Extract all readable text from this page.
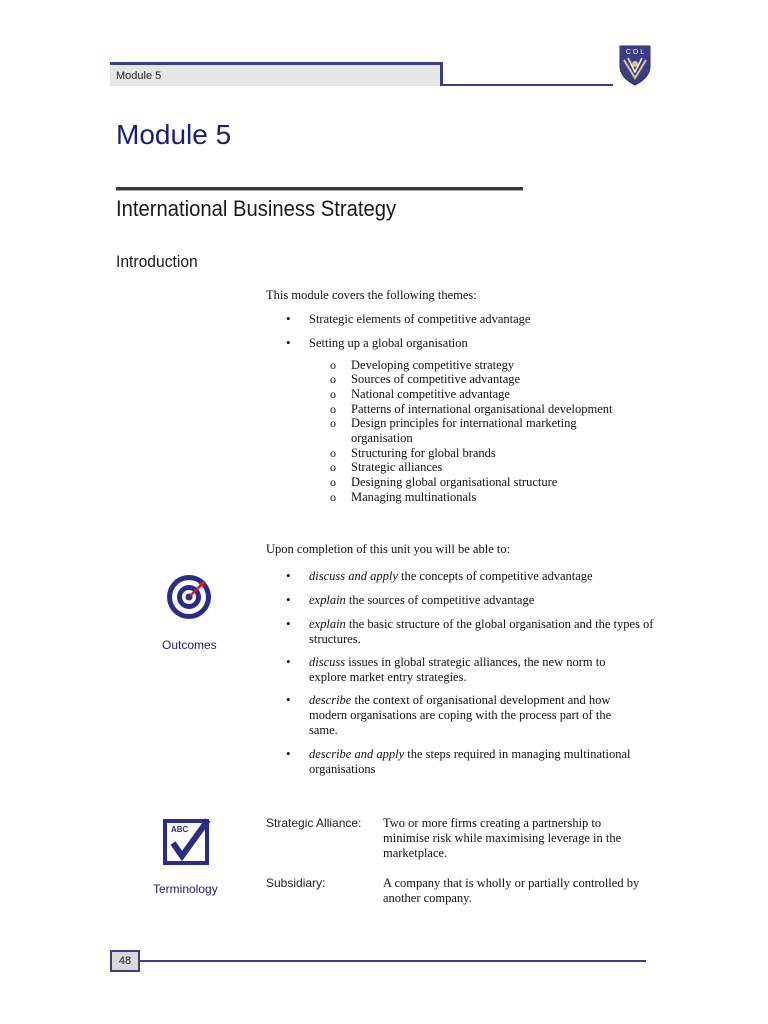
Module 5
C O L
Module 5
International Business Strategy
Introduction
This module covers the following themes:
• Strategic elements of competitive advantage
• Setting up a global organisation
o Developing competitive strategy
o Sources of competitive advantage
o National competitive advantage
o Patterns of international organisational development
o Design principles for international marketing organisation
o Structuring for global brands
o Strategic alliances
o Designing global organisational structure
o Managing multinationals
Upon completion of this unit you will be able to:
Outcomes
• discuss and apply the concepts of competitive advantage
• explain the sources of competitive advantage
• explain the basic structure of the global organisation and the types of structures.
• discuss issues in global strategic alliances, the new norm to explore market entry strategies.
• describe the context of organisational development and how modern organisations are coping with the process part of the same.
• describe and apply the steps required in managing multinational organisations
ABC
Terminology
Strategic Alliance: Two or more firms creating a partnership to minimise risk while maximising leverage in the marketplace.
Subsidiary:	A company that is wholly or partially controlled by another company.
48
